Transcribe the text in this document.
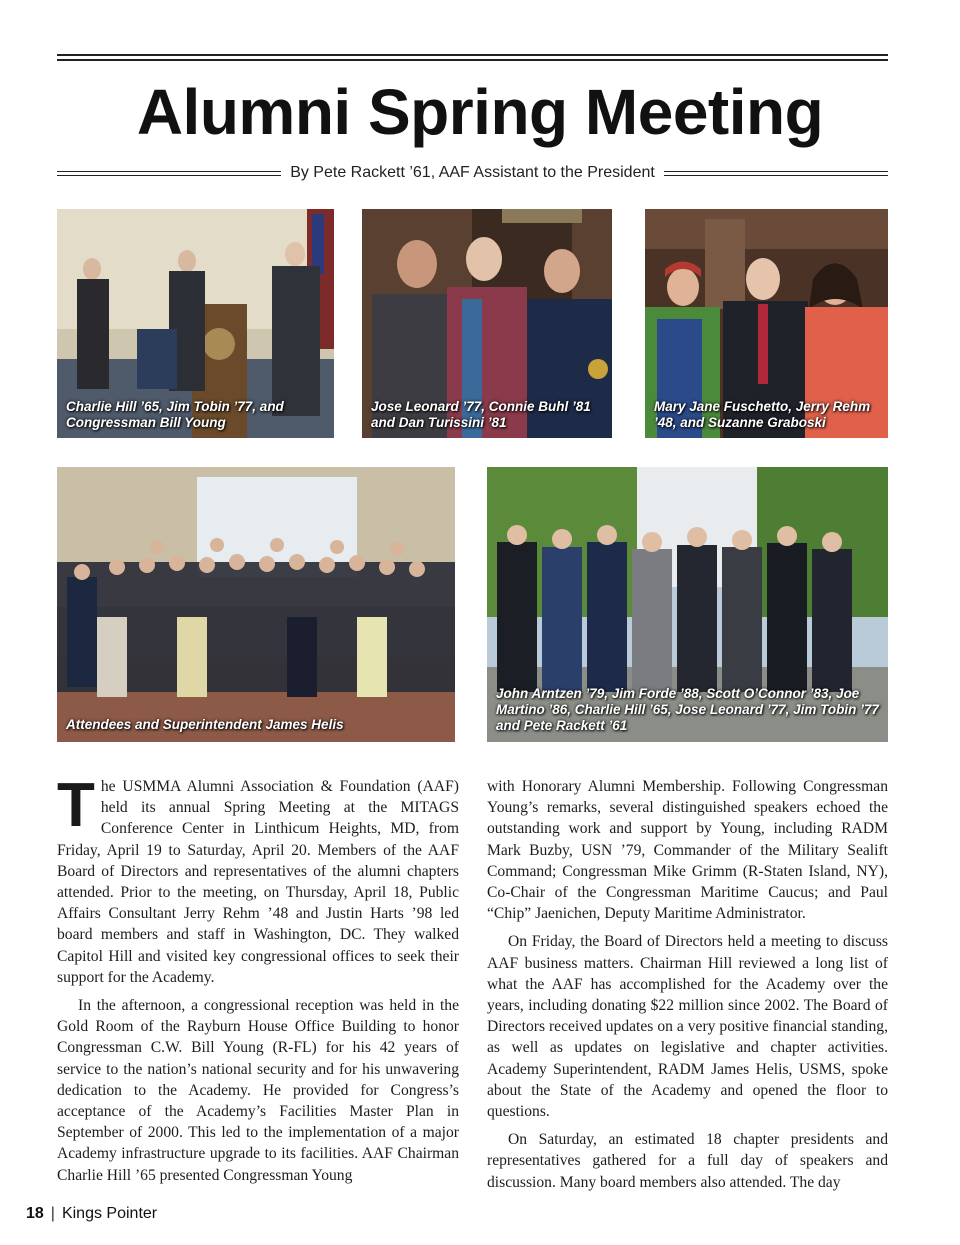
Alumni Spring Meeting
By Pete Rackett ’61, AAF Assistant to the President
Charlie Hill ’65, Jim Tobin ’77, and Congressman Bill Young
Jose Leonard ’77, Connie Buhl ’81 and Dan Turissini ’81
Mary Jane Fuschetto, Jerry Rehm ’48, and Suzanne Graboski
Attendees and Superintendent James Helis
John Arntzen ’79, Jim Forde ’88, Scott O’Connor ’83, Joe Martino ’86, Charlie Hill ’65, Jose Leonard ’77, Jim Tobin ’77 and Pete Rackett ’61

The USMMA Alumni Association & Foundation (AAF) held its annual Spring Meeting at the MITAGS Conference Center in Linthicum Heights, MD, from Friday, April 19 to Saturday, April 20. Members of the AAF Board of Directors and representatives of the alumni chapters attended. Prior to the meeting, on Thursday, April 18, Public Affairs Consultant Jerry Rehm ’48 and Justin Harts ’98 led board members and staff in Washington, DC. They walked Capitol Hill and visited key congressional offices to seek their support for the Academy.

In the afternoon, a congressional reception was held in the Gold Room of the Rayburn House Office Building to honor Congressman C.W. Bill Young (R-FL) for his 42 years of service to the nation’s national security and for his unwavering dedication to the Academy. He provided for Congress’s acceptance of the Academy’s Facilities Master Plan in September of 2000. This led to the implementation of a major Academy infrastructure upgrade to its facilities. AAF Chairman Charlie Hill ’65 presented Congressman Young

with Honorary Alumni Membership. Following Congressman Young’s remarks, several distinguished speakers echoed the outstanding work and support by Young, including RADM Mark Buzby, USN ’79, Commander of the Military Sealift Command; Congressman Mike Grimm (R-Staten Island, NY), Co-Chair of the Congressman Maritime Caucus; and Paul “Chip” Jaenichen, Deputy Maritime Administrator.

On Friday, the Board of Directors held a meeting to discuss AAF business matters. Chairman Hill reviewed a long list of what the AAF has accomplished for the Academy over the years, including donating $22 million since 2002. The Board of Directors received updates on a very positive financial standing, as well as updates on legislative and chapter activities. Academy Superintendent, RADM James Helis, USMS, spoke about the State of the Academy and opened the floor to questions.

On Saturday, an estimated 18 chapter presidents and representatives gathered for a full day of speakers and discussion. Many board members also attended. The day

18 | Kings Pointer
